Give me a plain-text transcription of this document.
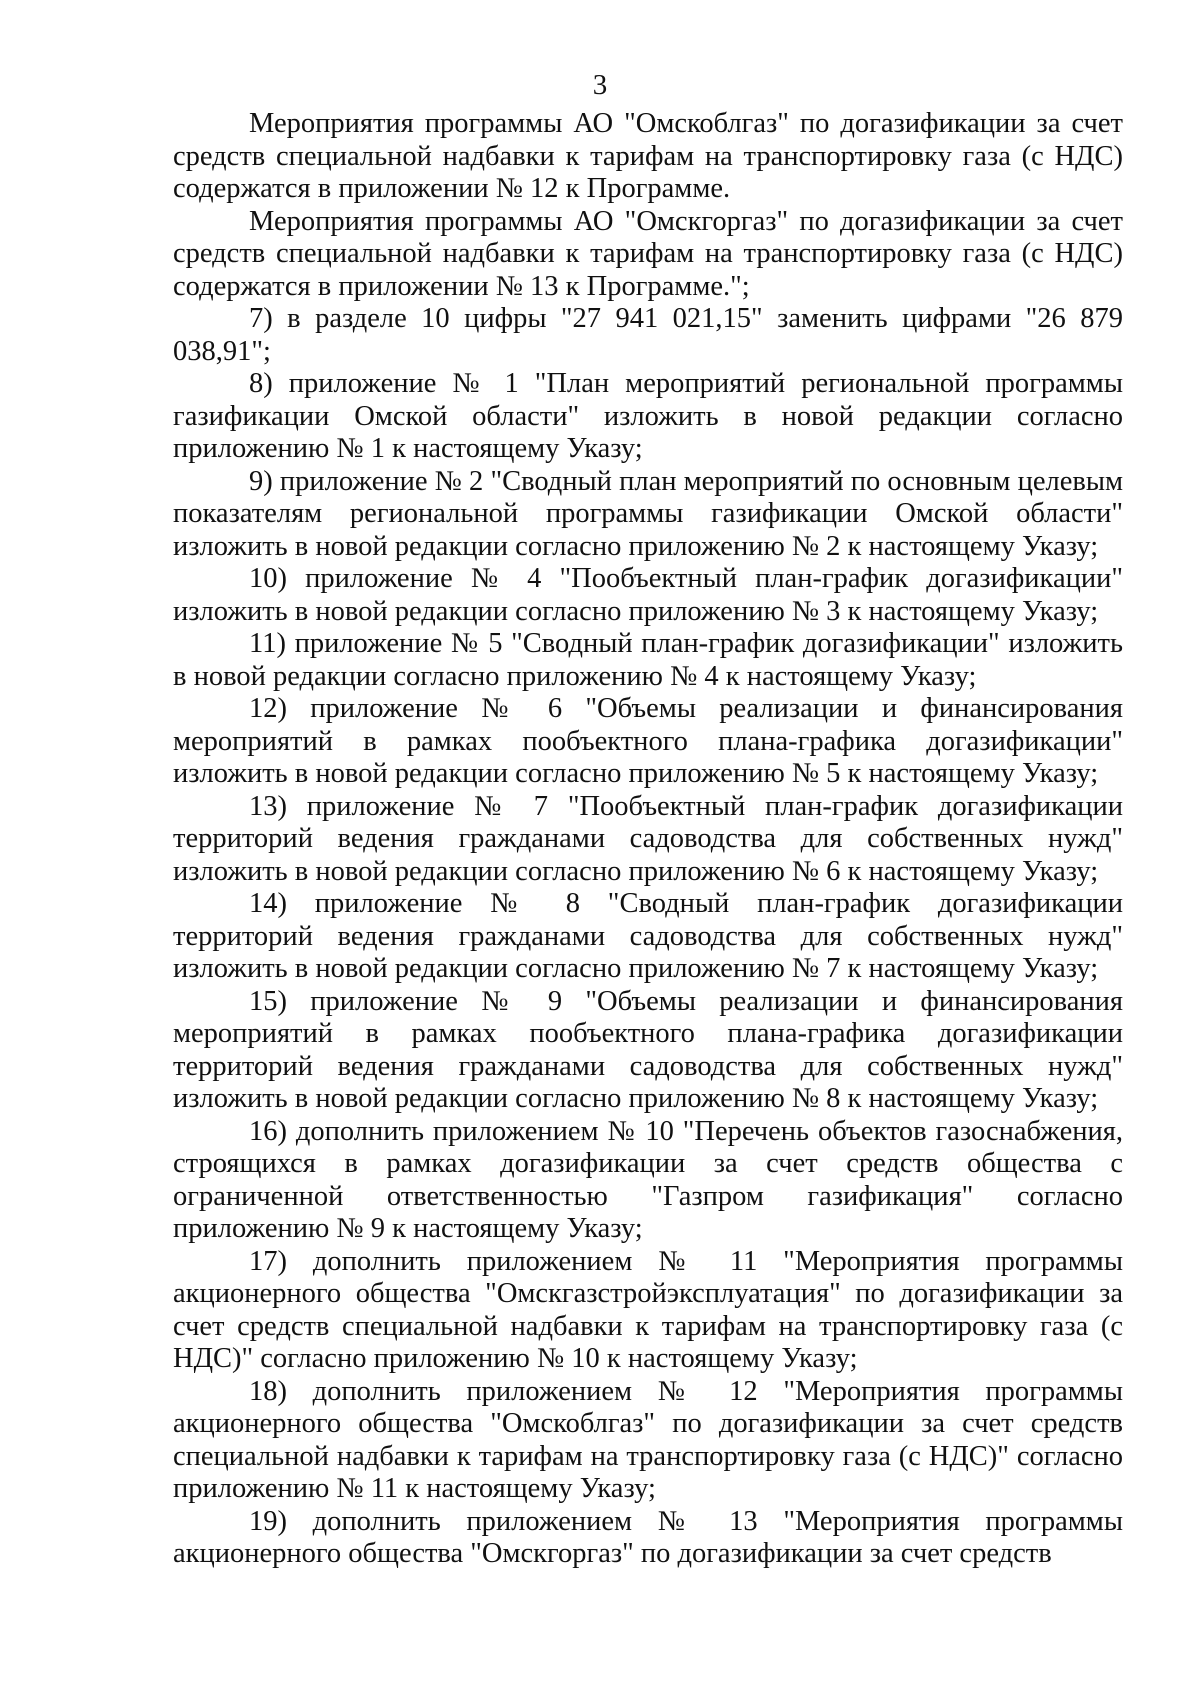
3

Мероприятия программы АО "Омскоблгаз" по догазификации за счет средств специальной надбавки к тарифам на транспортировку газа (с НДС) содержатся в приложении № 12 к Программе.

Мероприятия программы АО "Омскгоргаз" по догазификации за счет средств специальной надбавки к тарифам на транспортировку газа (с НДС) содержатся в приложении № 13 к Программе.";

7) в разделе 10 цифры "27 941 021,15" заменить цифрами "26 879 038,91";

8) приложение № 1 "План мероприятий региональной программы газификации Омской области" изложить в новой редакции согласно приложению № 1 к настоящему Указу;

9) приложение № 2 "Сводный план мероприятий по основным целевым показателям региональной программы газификации Омской области" изложить в новой редакции согласно приложению № 2 к настоящему Указу;

10) приложение № 4 "Пообъектный план-график догазификации" изложить в новой редакции согласно приложению № 3 к настоящему Указу;

11) приложение № 5 "Сводный план-график догазификации" изложить в новой редакции согласно приложению № 4 к настоящему Указу;

12) приложение № 6 "Объемы реализации и финансирования мероприятий в рамках пообъектного плана-графика догазификации" изложить в новой редакции согласно приложению № 5 к настоящему Указу;

13) приложение № 7 "Пообъектный план-график догазификации территорий ведения гражданами садоводства для собственных нужд" изложить в новой редакции согласно приложению № 6 к настоящему Указу;

14) приложение № 8 "Сводный план-график догазификации территорий ведения гражданами садоводства для собственных нужд" изложить в новой редакции согласно приложению № 7 к настоящему Указу;

15) приложение № 9 "Объемы реализации и финансирования мероприятий в рамках пообъектного плана-графика догазификации территорий ведения гражданами садоводства для собственных нужд" изложить в новой редакции согласно приложению № 8 к настоящему Указу;

16) дополнить приложением № 10 "Перечень объектов газоснабжения, строящихся в рамках догазификации за счет средств общества с ограниченной ответственностью "Газпром газификация" согласно приложению № 9 к настоящему Указу;

17) дополнить приложением № 11 "Мероприятия программы акционерного общества "Омскгазстройэксплуатация" по догазификации за счет средств специальной надбавки к тарифам на транспортировку газа (с НДС)" согласно приложению № 10 к настоящему Указу;

18) дополнить приложением № 12 "Мероприятия программы акционерного общества "Омскоблгаз" по догазификации за счет средств специальной надбавки к тарифам на транспортировку газа (с НДС)" согласно приложению № 11 к настоящему Указу;

19) дополнить приложением № 13 "Мероприятия программы акционерного общества "Омскгоргаз" по догазификации за счет средств
